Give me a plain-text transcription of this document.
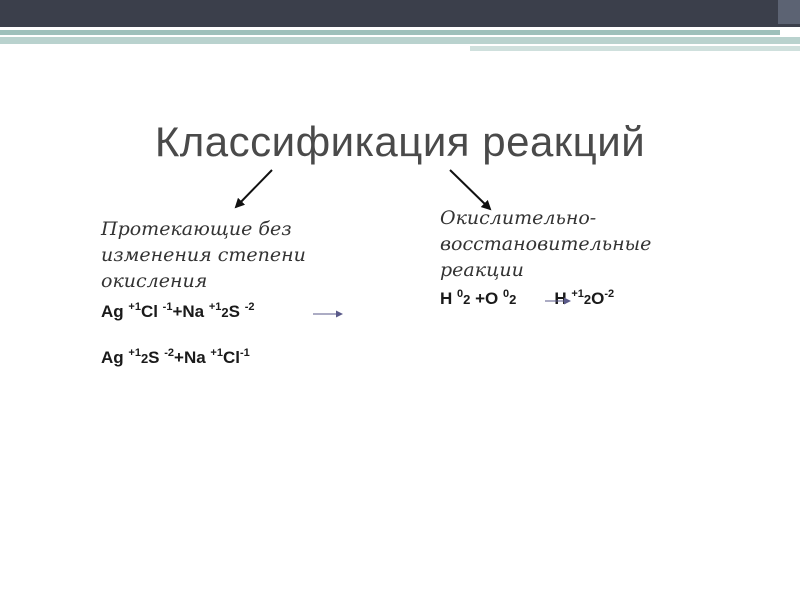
Классификация реакций
Протекающие без
изменения степени
окисления
Окислительно-
восстановительные
реакции
Ag $^{+1}$Cl $^{-1}$+Na $^{+1}$2S $^{-2}$
Ag $^{+1}$2S $^{-2}$+Na $^{+1}Cl^{-1}$
H $^0$2 +O $^0$2 H $^{+1}2O^{-2}$
